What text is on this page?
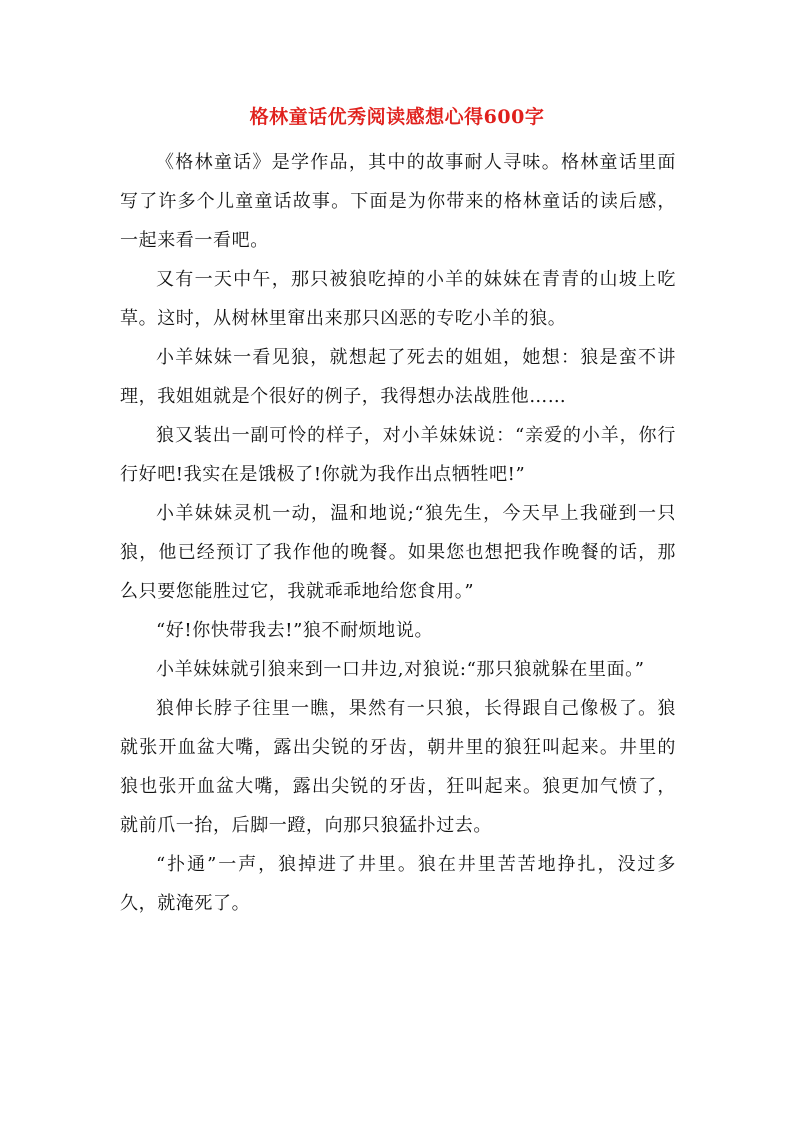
格林童话优秀阅读感想心得600字

《格林童话》是学作品，其中的故事耐人寻味。格林童话里面写了许多个儿童童话故事。下面是为你带来的格林童话的读后感，一起来看一看吧。

又有一天中午，那只被狼吃掉的小羊的妹妹在青青的山坡上吃草。这时，从树林里窜出来那只凶恶的专吃小羊的狼。

小羊妹妹一看见狼，就想起了死去的姐姐，她想：狼是蛮不讲理，我姐姐就是个很好的例子，我得想办法战胜他……

狼又装出一副可怜的样子，对小羊妹妹说：“亲爱的小羊，你行行好吧!我实在是饿极了!你就为我作出点牺牲吧!”

小羊妹妹灵机一动，温和地说;“狼先生，今天早上我碰到一只狼，他已经预订了我作他的晚餐。如果您也想把我作晚餐的话，那么只要您能胜过它，我就乖乖地给您食用。”

“好!你快带我去!”狼不耐烦地说。

小羊妹妹就引狼来到一口井边,对狼说:“那只狼就躲在里面。”

狼伸长脖子往里一瞧，果然有一只狼，长得跟自己像极了。狼就张开血盆大嘴，露出尖锐的牙齿，朝井里的狼狂叫起来。井里的狼也张开血盆大嘴，露出尖锐的牙齿，狂叫起来。狼更加气愤了，就前爪一抬，后脚一蹬，向那只狼猛扑过去。

“扑通”一声，狼掉进了井里。狼在井里苦苦地挣扎，没过多久，就淹死了。
